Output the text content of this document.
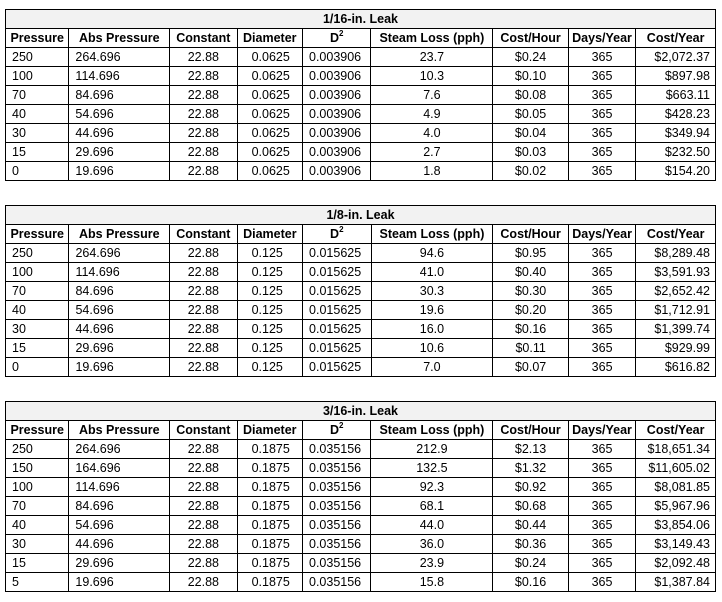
1/16-in. Leak								
Pressure	Abs Pressure	Constant	Diameter	$D^2$	Steam Loss (pph)	Cost/Hour	Days/Year	Cost/Year
250	264.696	22.88	0.0625	0.003906	23.7	$0.24	365	$2,072.37
100	114.696	22.88	0.0625	0.003906	10.3	$0.10	365	$897.98
70	84.696	22.88	0.0625	0.003906	7.6	$0.08	365	$663.11
40	54.696	22.88	0.0625	0.003906	4.9	$0.05	365	$428.23
30	44.696	22.88	0.0625	0.003906	4.0	$0.04	365	$349.94
15	29.696	22.88	0.0625	0.003906	2.7	$0.03	365	$232.50
0	19.696	22.88	0.0625	0.003906	1.8	$0.02	365	$154.20
1/8-in. Leak								
Pressure	Abs Pressure	Constant	Diameter	$D^2$	Steam Loss (pph)	Cost/Hour	Days/Year	Cost/Year
250	264.696	22.88	0.125	0.015625	94.6	$0.95	365	$8,289.48
100	114.696	22.88	0.125	0.015625	41.0	$0.40	365	$3,591.93
70	84.696	22.88	0.125	0.015625	30.3	$0.30	365	$2,652.42
40	54.696	22.88	0.125	0.015625	19.6	$0.20	365	$1,712.91
30	44.696	22.88	0.125	0.015625	16.0	$0.16	365	$1,399.74
15	29.696	22.88	0.125	0.015625	10.6	$0.11	365	$929.99
0	19.696	22.88	0.125	0.015625	7.0	$0.07	365	$616.82
3/16-in. Leak								
Pressure	Abs Pressure	Constant	Diameter	$D^2$	Steam Loss (pph)	Cost/Hour	Days/Year	Cost/Year
250	264.696	22.88	0.1875	0.035156	212.9	$2.13	365	$18,651.34
150	164.696	22.88	0.1875	0.035156	132.5	$1.32	365	$11,605.02
100	114.696	22.88	0.1875	0.035156	92.3	$0.92	365	$8,081.85
70	84.696	22.88	0.1875	0.035156	68.1	$0.68	365	$5,967.96
40	54.696	22.88	0.1875	0.035156	44.0	$0.44	365	$3,854.06
30	44.696	22.88	0.1875	0.035156	36.0	$0.36	365	$3,149.43
15	29.696	22.88	0.1875	0.035156	23.9	$0.24	365	$2,092.48
5	19.696	22.88	0.1875	0.035156	15.8	$0.16	365	$1,387.84
